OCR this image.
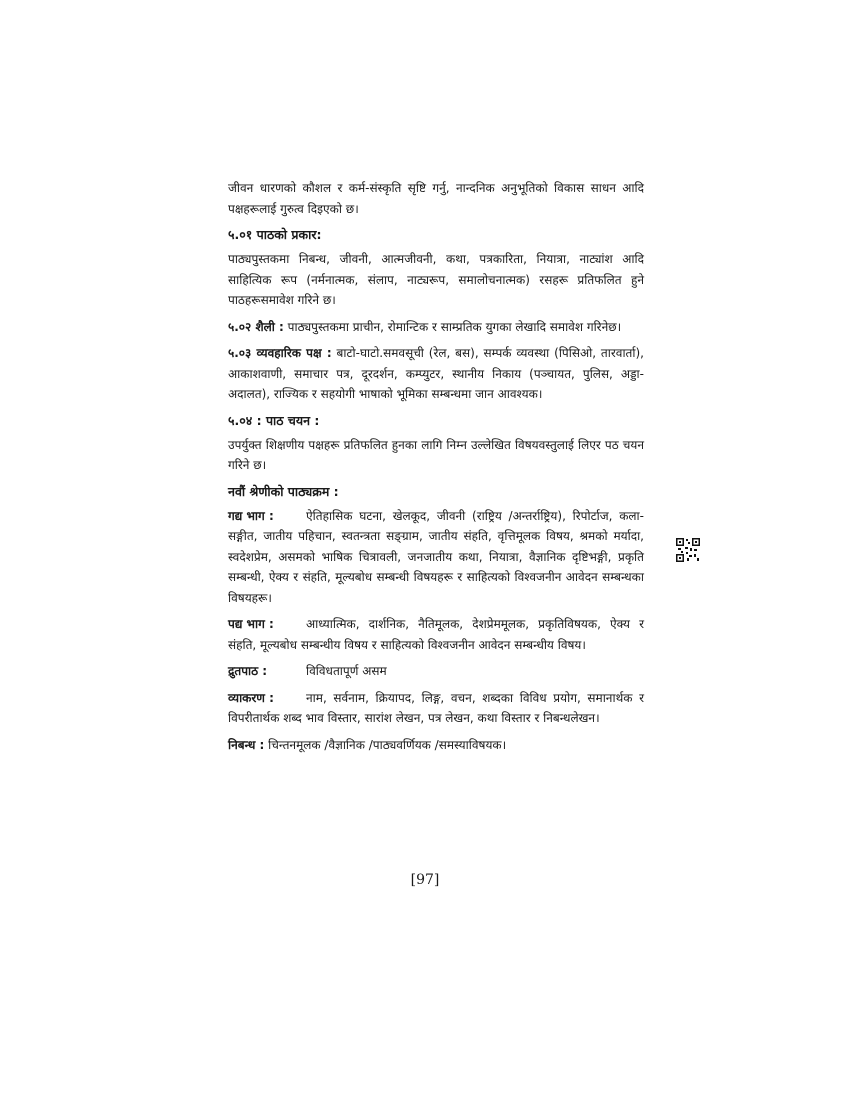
जीवन धारणको कौशल र कर्म-संस्कृति सृष्टि गर्नु, नान्दनिक अनुभूतिको विकास साधन आदि पक्षहरूलाई गुरुत्व दिइएको छ।

५.०१ पाठको प्रकार:

पाठ्यपुस्तकमा निबन्ध, जीवनी, आत्मजीवनी, कथा, पत्रकारिता, नियात्रा, नाट्यांश आदि साहित्यिक रूप (नर्मनात्मक, संलाप, नाट्यरूप, समालोचनात्मक) रसहरू प्रतिफलित हुने पाठहरूसमावेश गरिने छ।

५.०२ शैली : पाठ्यपुस्तकमा प्राचीन, रोमान्टिक र साम्प्रतिक युगका लेखादि समावेश गरिनेछ।

५.०३ व्यवहारिक पक्ष : बाटो-घाटो.समवसूची (रेल, बस), सम्पर्क व्यवस्था (पिसिओ, तारवार्ता), आकाशवाणी, समाचार पत्र, दूरदर्शन, कम्प्युटर, स्थानीय निकाय (पञ्चायत, पुलिस, अड्डा-अदालत), राज्यिक र सहयोगी भाषाको भूमिका सम्बन्धमा जान आवश्यक।

५.०४ : पाठ चयन :

उपर्युक्त शिक्षणीय पक्षहरू प्रतिफलित हुनका लागि निम्न उल्लेखित विषयवस्तुलाई लिएर पठ चयन गरिने छ।

नवौं श्रेणीको पाठ्यक्रम :

गद्य भाग :	ऐतिहासिक घटना, खेलकूद, जीवनी (राष्ट्रिय /अन्तर्राष्ट्रिय), रिपोर्टाज, कला-सङ्गीत, जातीय पहिचान, स्वतन्त्रता सङ्ग्राम, जातीय संहति, वृत्तिमूलक विषय, श्रमको मर्यादा, स्वदेशप्रेम, असमको भाषिक चित्रावली, जनजातीय कथा, नियात्रा, वैज्ञानिक दृष्टिभङ्गी, प्रकृति सम्बन्धी, ऐक्य र संहति, मूल्यबोध सम्बन्धी विषयहरू र साहित्यको विश्वजनीन आवेदन सम्बन्धका विषयहरू।

पद्य भाग :	आध्यात्मिक, दार्शनिक, नैतिमूलक, देशप्रेममूलक, प्रकृतिविषयक, ऐक्य र संहति, मूल्यबोध सम्बन्धीय विषय र साहित्यको विश्वजनीन आवेदन सम्बन्धीय विषय।

द्रुतपाठ :	विविधतापूर्ण असम

व्याकरण :	नाम, सर्वनाम, क्रियापद, लिङ्ग, वचन, शब्दका विविध प्रयोग, समानार्थक र विपरीतार्थक शब्द भाव विस्तार, सारांश लेखन, पत्र लेखन, कथा विस्तार र निबन्धलेखन।

निबन्ध : चिन्तनमूलक /वैज्ञानिक /पाठ्यवर्णियक /समस्याविषयक।

[97]
